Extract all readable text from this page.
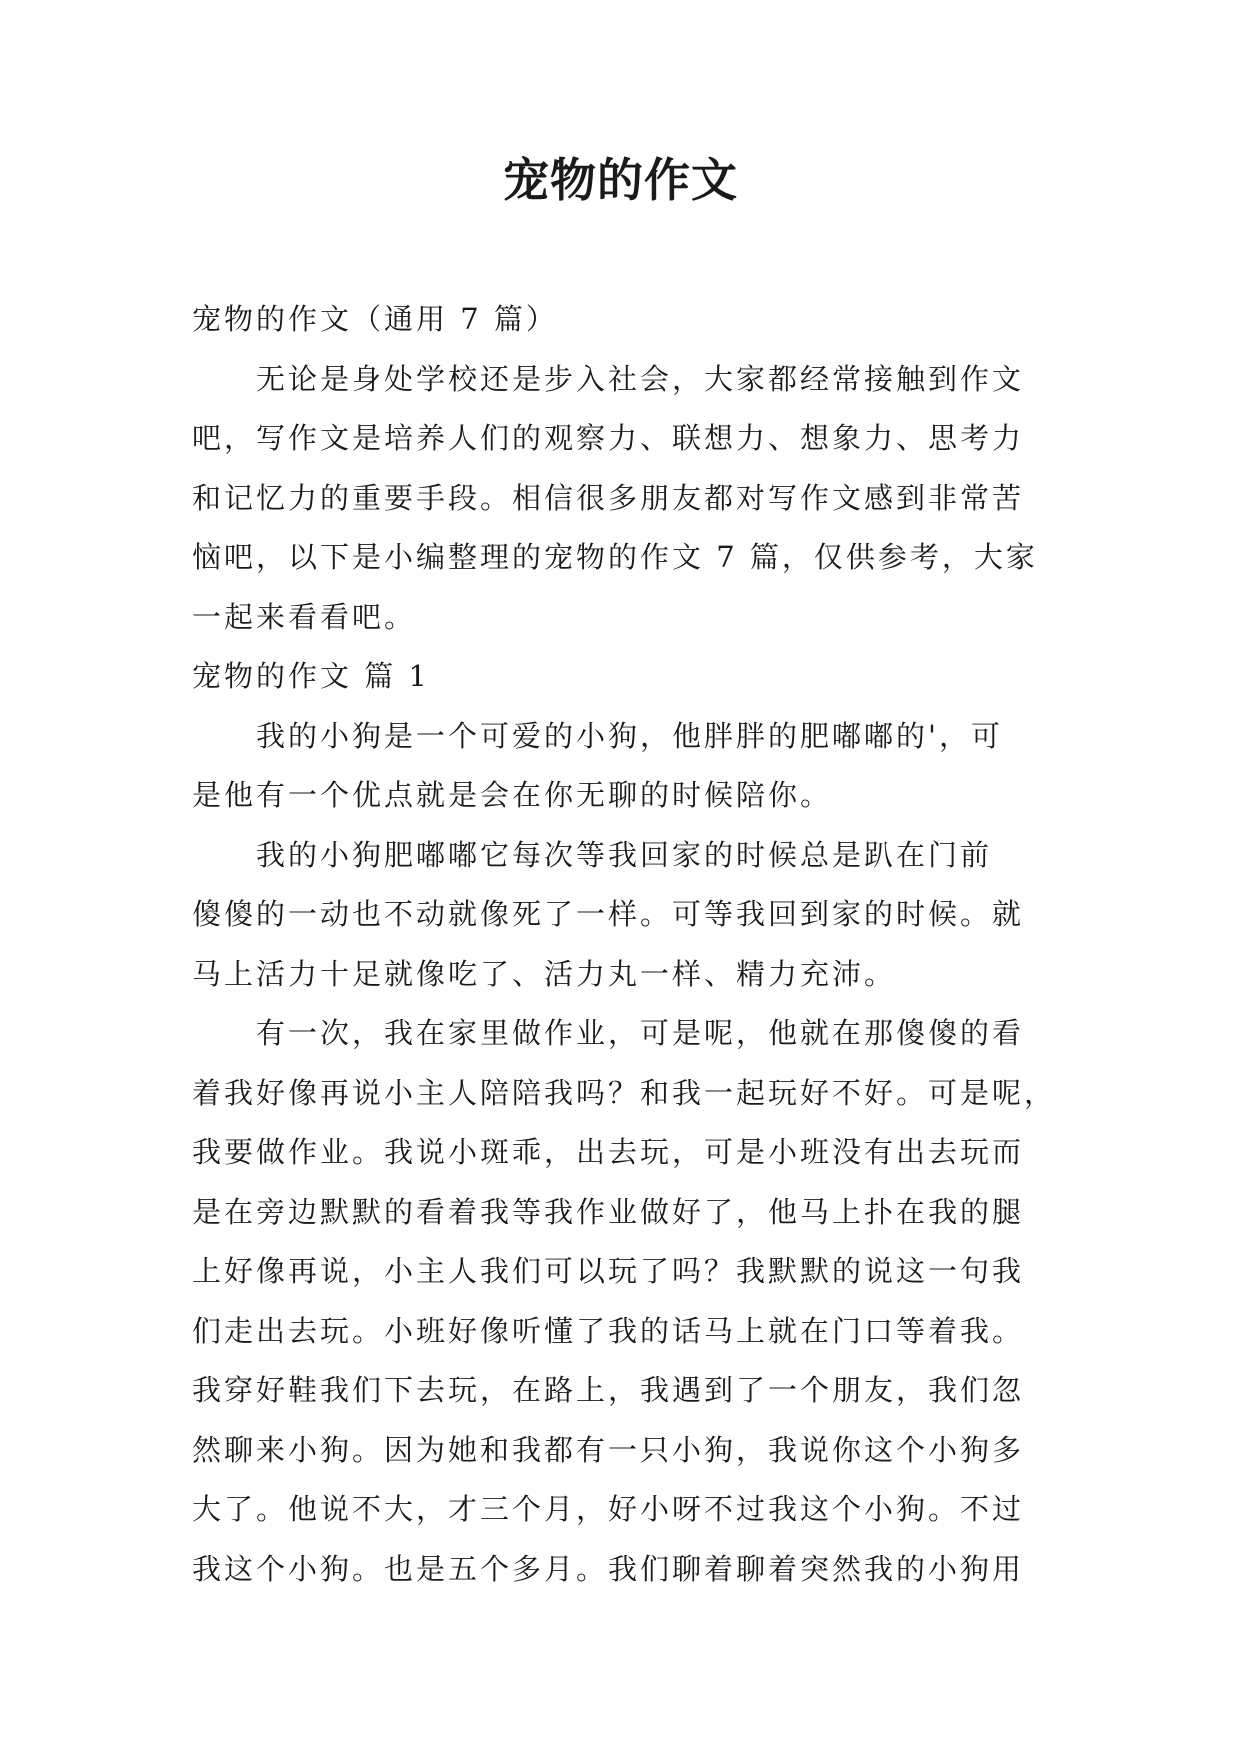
宠物的作文
宠物的作文（通用 7 篇）
无论是身处学校还是步入社会，大家都经常接触到作文
吧，写作文是培养人们的观察力、联想力、想象力、思考力
和记忆力的重要手段。相信很多朋友都对写作文感到非常苦
恼吧，以下是小编整理的宠物的作文 7 篇，仅供参考，大家
一起来看看吧。
宠物的作文 篇 1
我的小狗是一个可爱的小狗，他胖胖的肥嘟嘟的'，可
是他有一个优点就是会在你无聊的时候陪你。
我的小狗肥嘟嘟它每次等我回家的时候总是趴在门前
傻傻的一动也不动就像死了一样。可等我回到家的时候。就
马上活力十足就像吃了、活力丸一样、精力充沛。
有一次，我在家里做作业，可是呢，他就在那傻傻的看
着我好像再说小主人陪陪我吗？和我一起玩好不好。可是呢，
我要做作业。我说小斑乖，出去玩，可是小班没有出去玩而
是在旁边默默的看着我等我作业做好了，他马上扑在我的腿
上好像再说，小主人我们可以玩了吗？我默默的说这一句我
们走出去玩。小班好像听懂了我的话马上就在门口等着我。
我穿好鞋我们下去玩，在路上，我遇到了一个朋友，我们忽
然聊来小狗。因为她和我都有一只小狗，我说你这个小狗多
大了。他说不大，才三个月，好小呀不过我这个小狗。不过
我这个小狗。也是五个多月。我们聊着聊着突然我的小狗用
